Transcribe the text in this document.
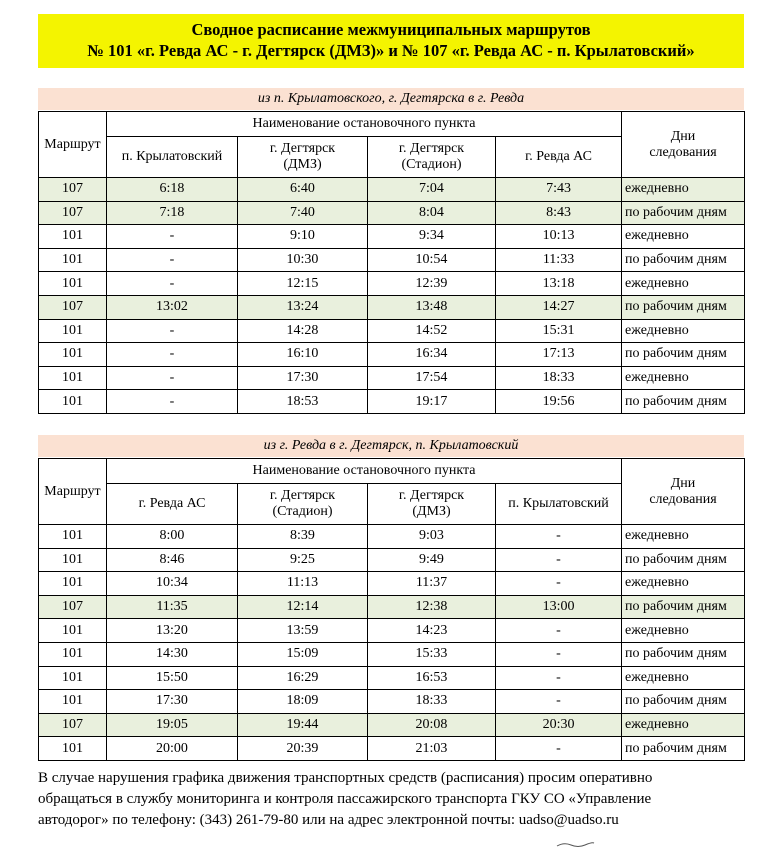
Сводное расписание межмуниципальных маршрутов
№ 101 «г. Ревда АС - г. Дегтярск (ДМЗ)» и № 107 «г. Ревда АС - п. Крылатовский»
из п. Крылатовского, г. Дегтярска в г. Ревда
Маршрут	Наименование остановочного пункта				Дни следования
	п. Крылатовский	г. Дегтярск (ДМЗ)	г. Дегтярск (Стадион)	г. Ревда АС	
107	6:18	6:40	7:04	7:43	ежедневно
107	7:18	7:40	8:04	8:43	по рабочим дням
101	-	9:10	9:34	10:13	ежедневно
101	-	10:30	10:54	11:33	по рабочим дням
101	-	12:15	12:39	13:18	ежедневно
107	13:02	13:24	13:48	14:27	по рабочим дням
101	-	14:28	14:52	15:31	ежедневно
101	-	16:10	16:34	17:13	по рабочим дням
101	-	17:30	17:54	18:33	ежедневно
101	-	18:53	19:17	19:56	по рабочим дням
из г. Ревда в г. Дегтярск, п. Крылатовский
Маршрут	Наименование остановочного пункта				Дни следования
	г. Ревда АС	г. Дегтярск (Стадион)	г. Дегтярск (ДМЗ)	п. Крылатовский	
101	8:00	8:39	9:03	-	ежедневно
101	8:46	9:25	9:49	-	по рабочим дням
101	10:34	11:13	11:37	-	ежедневно
107	11:35	12:14	12:38	13:00	по рабочим дням
101	13:20	13:59	14:23	-	ежедневно
101	14:30	15:09	15:33	-	по рабочим дням
101	15:50	16:29	16:53	-	ежедневно
101	17:30	18:09	18:33	-	по рабочим дням
107	19:05	19:44	20:08	20:30	ежедневно
101	20:00	20:39	21:03	-	по рабочим дням
В случае нарушения графика движения транспортных средств (расписания) просим оперативно
обращаться в службу мониторинга и контроля пассажирского транспорта ГКУ СО «Управление
автодорог» по телефону: (343) 261-79-80 или на адрес электронной почты: uadso@uadso.ru
